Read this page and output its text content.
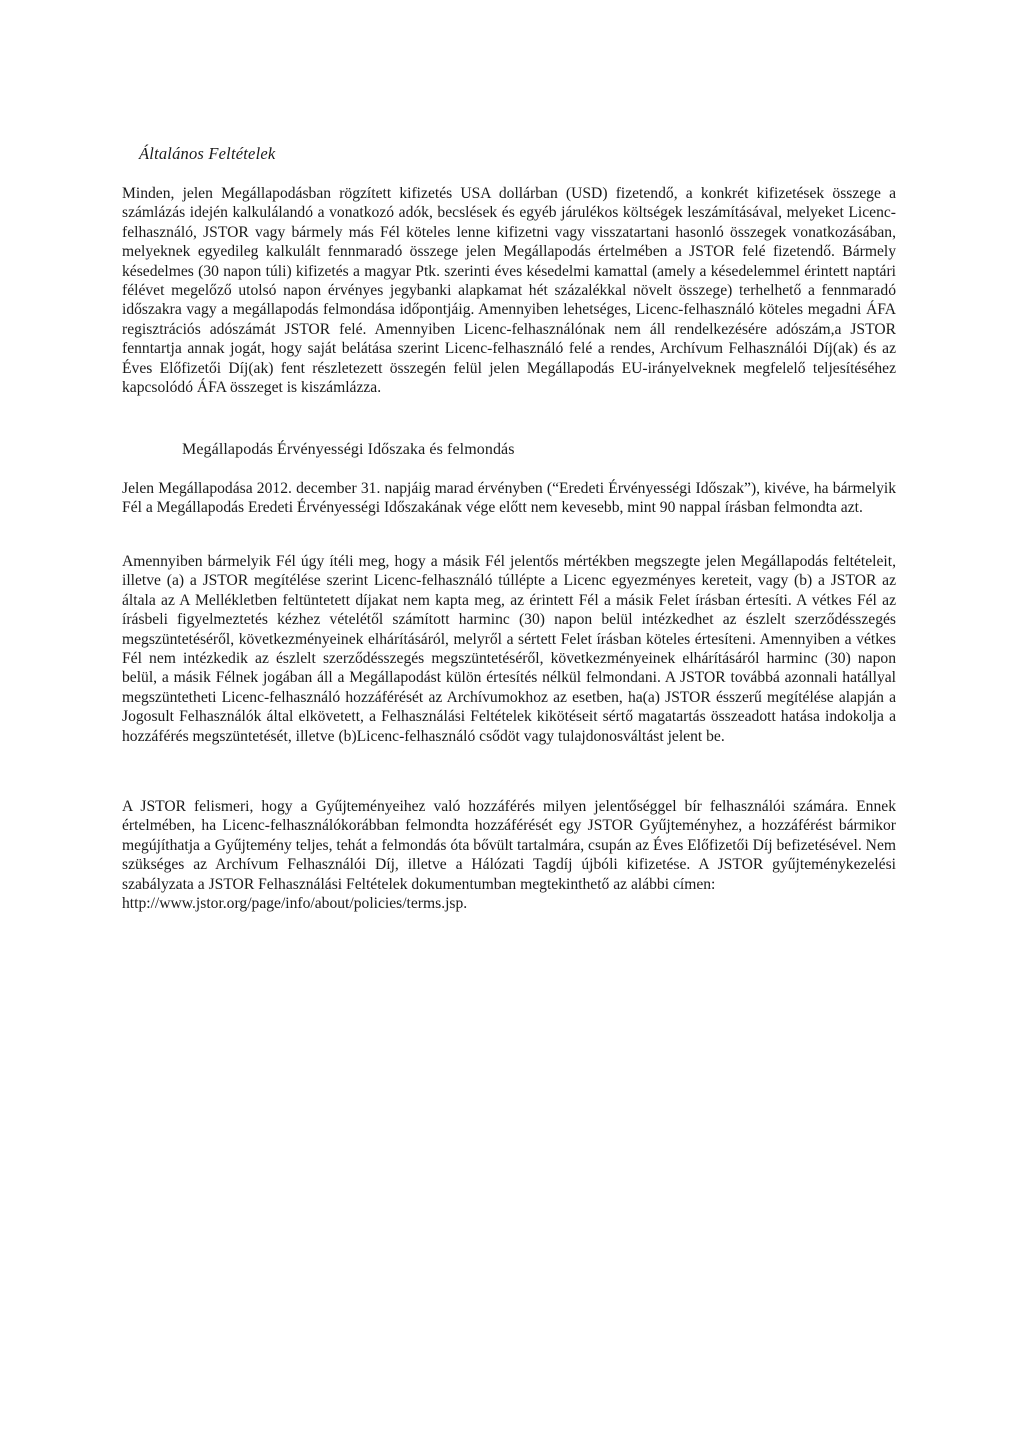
Általános Feltételek

Minden, jelen Megállapodásban rögzített kifizetés USA dollárban (USD) fizetendő, a konkrét kifizetések összege a számlázás idején kalkulálandó a vonatkozó adók, becslések és egyéb járulékos költségek leszámításával, melyeket Licenc-felhasználó, JSTOR vagy bármely más Fél köteles lenne kifizetni vagy visszatartani hasonló összegek vonatkozásában, melyeknek egyedileg kalkulált fennmaradó összege jelen Megállapodás értelmében a JSTOR felé fizetendő. Bármely késedelmes (30 napon túli) kifizetés a magyar Ptk. szerinti éves késedelmi kamattal (amely a késedelemmel érintett naptári félévet megelőző utolsó napon érvényes jegybanki alapkamat hét százalékkal növelt összege) terhelhető a fennmaradó időszakra vagy a megállapodás felmondása időpontjáig. Amennyiben lehetséges, Licenc-felhasználó köteles megadni ÁFA regisztrációs adószámát JSTOR felé. Amennyiben Licenc-felhasználónak nem áll rendelkezésére adószám,a JSTOR fenntartja annak jogát, hogy saját belátása szerint Licenc-felhasználó felé a rendes, Archívum Felhasználói Díj(ak) és az Éves Előfizetői Díj(ak) fent részletezett összegén felül jelen Megállapodás EU-irányelveknek megfelelő teljesítéséhez kapcsolódó ÁFA összeget is kiszámlázza.

Megállapodás Érvényességi Időszaka és felmondás

Jelen Megállapodása 2012. december 31. napjáig marad érvényben (“Eredeti Érvényességi Időszak”), kivéve, ha bármelyik Fél a Megállapodás Eredeti Érvényességi Időszakának vége előtt nem kevesebb, mint 90 nappal írásban felmondta azt.

Amennyiben bármelyik Fél úgy ítéli meg, hogy a másik Fél jelentős mértékben megszegte jelen Megállapodás feltételeit, illetve (a) a JSTOR megítélése szerint Licenc-felhasználó túllépte a Licenc egyezményes kereteit, vagy (b) a JSTOR az általa az A Mellékletben feltüntetett díjakat nem kapta meg, az érintett Fél a másik Felet írásban értesíti. A vétkes Fél az írásbeli figyelmeztetés kézhez vételétől számított harminc (30) napon belül intézkedhet az észlelt szerződésszegés megszüntetéséről, következményeinek elhárításáról, melyről a sértett Felet írásban köteles értesíteni. Amennyiben a vétkes Fél nem intézkedik az észlelt szerződésszegés megszüntetéséről, következményeinek elhárításáról harminc (30) napon belül, a másik Félnek jogában áll a Megállapodást külön értesítés nélkül felmondani. A JSTOR továbbá azonnali hatállyal megszüntetheti Licenc-felhasználó hozzáférését az Archívumokhoz az esetben, ha(a) JSTOR ésszerű megítélése alapján a Jogosult Felhasználók által elkövetett, a Felhasználási Feltételek kikötéseit sértő magatartás összeadott hatása indokolja a hozzáférés megszüntetését, illetve (b)Licenc-felhasználó csődöt vagy tulajdonosváltást jelent be.

A JSTOR felismeri, hogy a Gyűjteményeihez való hozzáférés milyen jelentőséggel bír felhasználói számára. Ennek értelmében, ha Licenc-felhasználókorábban felmondta hozzáférését egy JSTOR Gyűjteményhez, a hozzáférést bármikor megújíthatja a Gyűjtemény teljes, tehát a felmondás óta bővült tartalmára, csupán az Éves Előfizetői Díj befizetésével. Nem szükséges az Archívum Felhasználói Díj, illetve a Hálózati Tagdíj újbóli kifizetése. A JSTOR gyűjteménykezelési szabályzata a JSTOR Felhasználási Feltételek dokumentumban megtekinthető az alábbi címen:
http://www.jstor.org/page/info/about/policies/terms.jsp.
